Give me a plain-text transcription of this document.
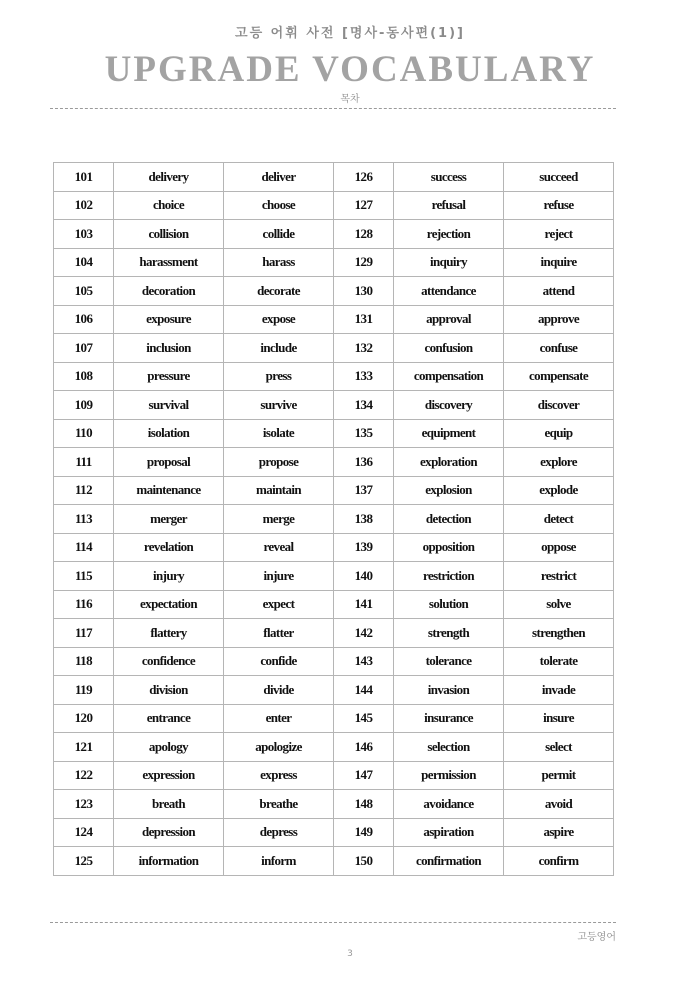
고등 어휘 사전 [명사-동사편(1)]
UPGRADE VOCABULARY
목차
101	delivery	deliver	126	success	succeed
102	choice	choose	127	refusal	refuse
103	collision	collide	128	rejection	reject
104	harassment	harass	129	inquiry	inquire
105	decoration	decorate	130	attendance	attend
106	exposure	expose	131	approval	approve
107	inclusion	include	132	confusion	confuse
108	pressure	press	133	compensation	compensate
109	survival	survive	134	discovery	discover
110	isolation	isolate	135	equipment	equip
111	proposal	propose	136	exploration	explore
112	maintenance	maintain	137	explosion	explode
113	merger	merge	138	detection	detect
114	revelation	reveal	139	opposition	oppose
115	injury	injure	140	restriction	restrict
116	expectation	expect	141	solution	solve
117	flattery	flatter	142	strength	strengthen
118	confidence	confide	143	tolerance	tolerate
119	division	divide	144	invasion	invade
120	entrance	enter	145	insurance	insure
121	apology	apologize	146	selection	select
122	expression	express	147	permission	permit
123	breath	breathe	148	avoidance	avoid
124	depression	depress	149	aspiration	aspire
125	information	inform	150	confirmation	confirm
고등영어
3
